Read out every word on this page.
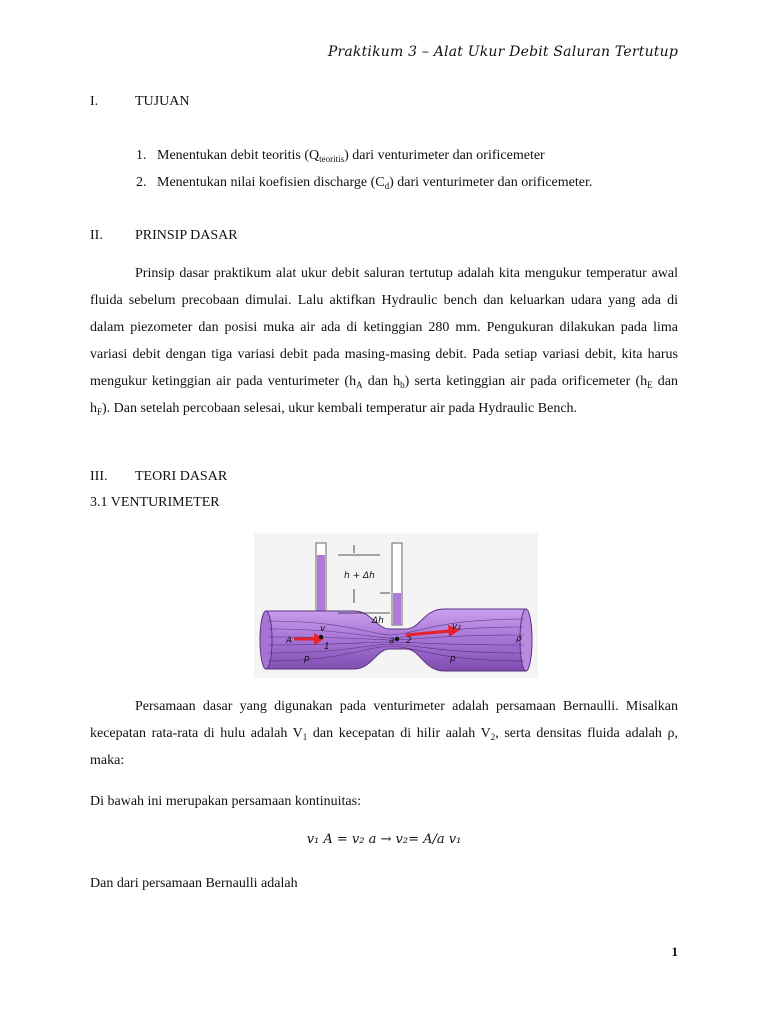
Praktikum 3 – Alat Ukur Debit Saluran Tertutup
I.	TUJUAN
1. Menentukan debit teoritis $(Q_{teoritis})$ dari venturimeter dan orificemeter
2. Menentukan nilai koefisien discharge $(C_d)$ dari venturimeter dan orificemeter.
II. PRINSIP DASAR
Prinsip dasar praktikum alat ukur debit saluran tertutup adalah kita mengukur temperatur awal fluida sebelum precobaan dimulai. Lalu aktifkan Hydraulic bench dan keluarkan udara yang ada di dalam piezometer dan posisi muka air ada di ketinggian 280 mm. Pengukuran dilakukan pada lima variasi debit dengan tiga variasi debit pada masing-masing debit. Pada setiap variasi debit, kita harus mengukur ketinggian air pada venturimeter ($h_A$ dan $h_b$) serta ketinggian air pada orificemeter ($h_E$ dan $h_F$). Dan setelah percobaan selesai, ukur kembali temperatur air pada Hydraulic Bench.
III. TEORI DASAR
3.1 VENTURIMETER
h + Δh
Δh
A
v
p
1
a 2
v₂
p
ρ
Persamaan dasar yang digunakan pada venturimeter adalah persamaan Bernaulli. Misalkan kecepatan rata-rata di hulu adalah $V_1$ dan kecepatan di hilir aalah $V_2$, serta densitas fluida adalah ρ, maka:
Di bawah ini merupakan persamaan kontinuitas:
v₁ A = v₂ a → v₂= A/a v₁
Dan dari persamaan Bernaulli adalah
1
